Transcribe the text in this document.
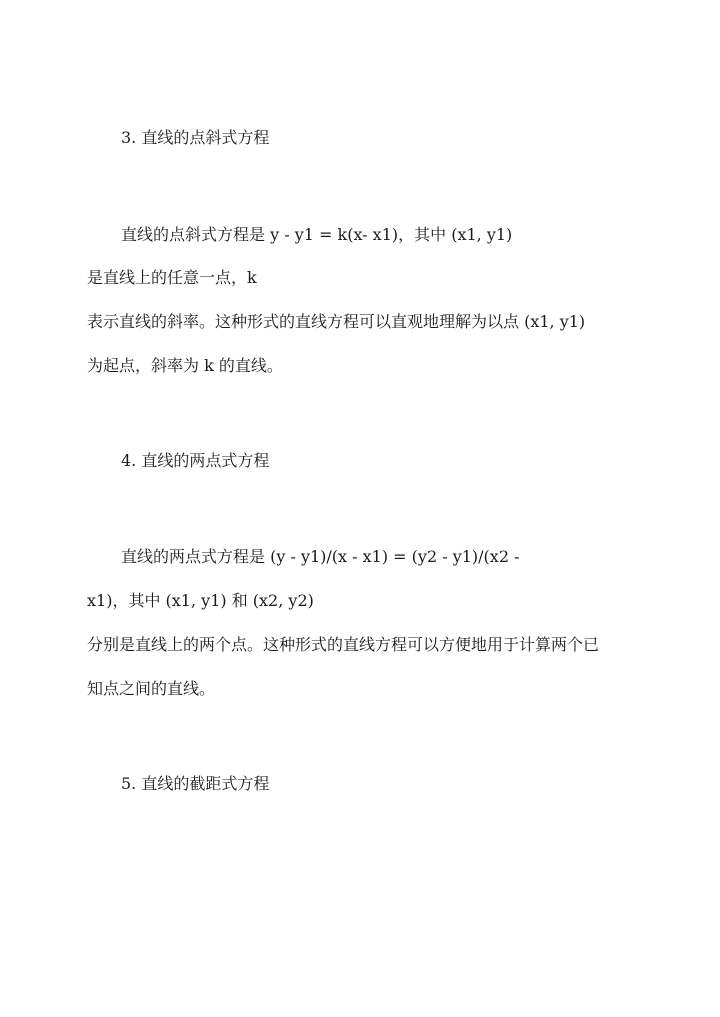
3. 直线的点斜式方程

直线的点斜式方程是 y - y1 = k(x- x1)，其中 (x1, y1)

是直线上的任意一点，k

表示直线的斜率。这种形式的直线方程可以直观地理解为以点 (x1, y1)

为起点，斜率为 k 的直线。

4. 直线的两点式方程

直线的两点式方程是 (y - y1)/(x - x1) = (y2 - y1)/(x2 -

x1)，其中 (x1, y1) 和 (x2, y2)

分别是直线上的两个点。这种形式的直线方程可以方便地用于计算两个已

知点之间的直线。

5. 直线的截距式方程
